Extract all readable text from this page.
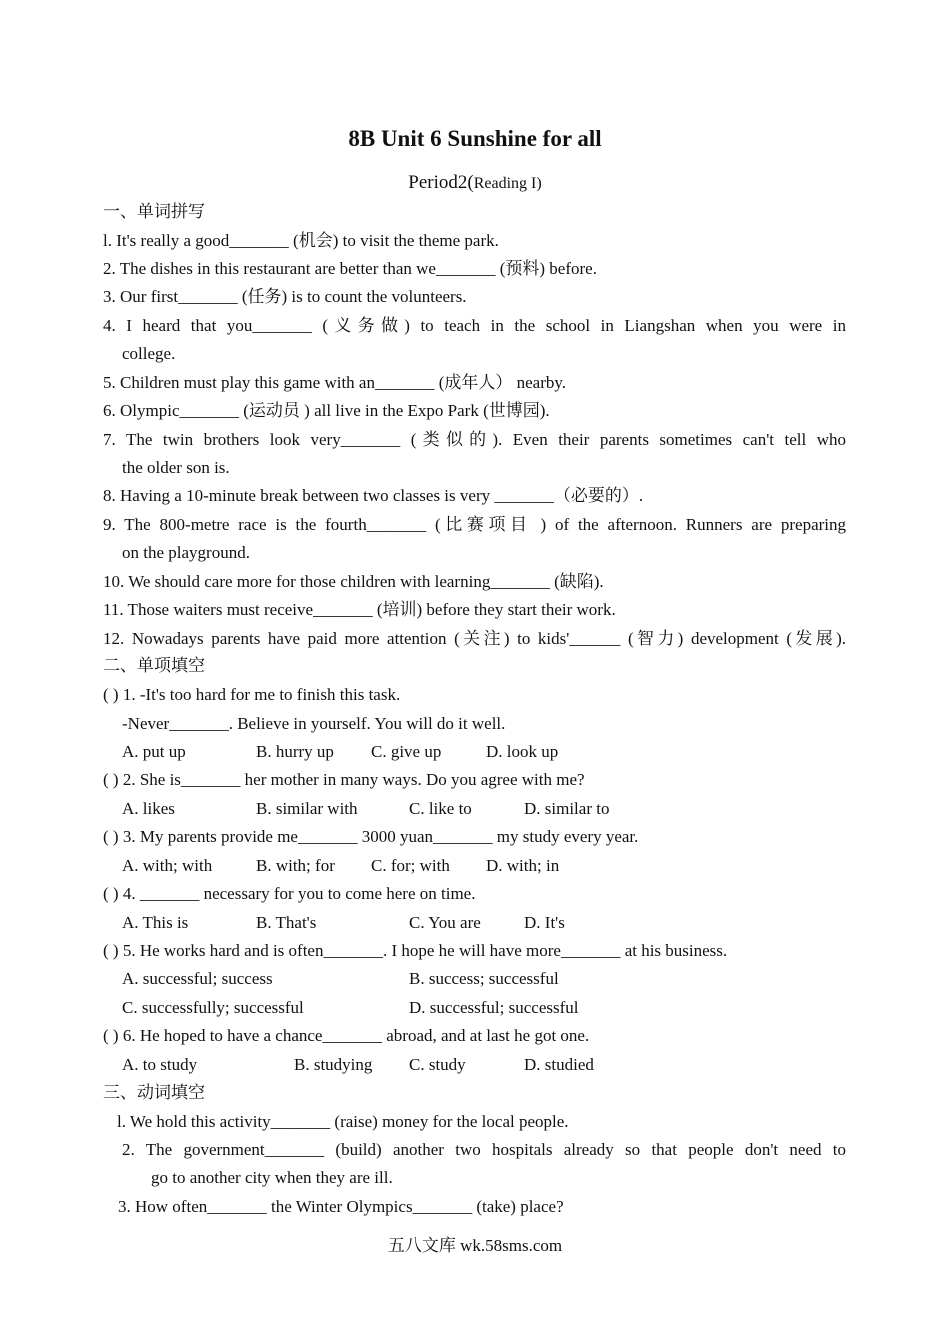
8B Unit 6 Sunshine for all
Period2(Reading I)
一、单词拼写
l. It's really a good_______ (机会) to visit the theme park.
2. The dishes in this restaurant are better than we_______ (预料) before.
3. Our first_______ (任务) is to count the volunteers.
4. I heard that you_______ (义务做) to teach in the school in Liangshan when you were in
college.
5. Children must play this game with an_______ (成年人） nearby.
6. Olympic_______ (运动员 ) all live in the Expo Park (世博园).
7. The twin brothers look very_______ (类似的). Even their parents sometimes can't tell who
the older son is.
8. Having a 10-minute break between two classes is very _______（必要的）.
9. The 800-metre race is the fourth_______ (比赛项目 ) of the afternoon. Runners are preparing
on the playground.
10. We should care more for those children with learning_______ (缺陷).
11. Those waiters must receive_______ (培训) before they start their work.
12. Nowadays parents have paid more attention (关注) to kids'______ (智力) development (发展).
二、单项填空
( ) 1. -It's too hard for me to finish this task.
-Never_______. Believe in yourself. You will do it well.
A. put up	B. hurry up C. give up	D. look up
( ) 2. She is_______ her mother in many ways. Do you agree with me?
A. likes	B. similar with	C. like to	D. similar to
( ) 3. My parents provide me_______ 3000 yuan_______ my study every year.
A. with; with	B. with; for C. for; with D. with; in
( ) 4. _______ necessary for you to come here on time.
A. This is	B. That's	C. You are	D. It's
( ) 5. He works hard and is often_______. I hope he will have more_______ at his business.
A. successful; success	B. success; successful
C. successfully; successful	D. successful; successful
( ) 6. He hoped to have a chance_______ abroad, and at last he got one.
A. to study	B. studying C. study	D. studied
三、动词填空
l. We hold this activity_______ (raise) money for the local people.
2. The government_______ (build) another two hospitals already so that people don't need to
go to another city when they are ill.
3. How often_______ the Winter Olympics_______ (take) place?
五八文库 wk.58sms.com
